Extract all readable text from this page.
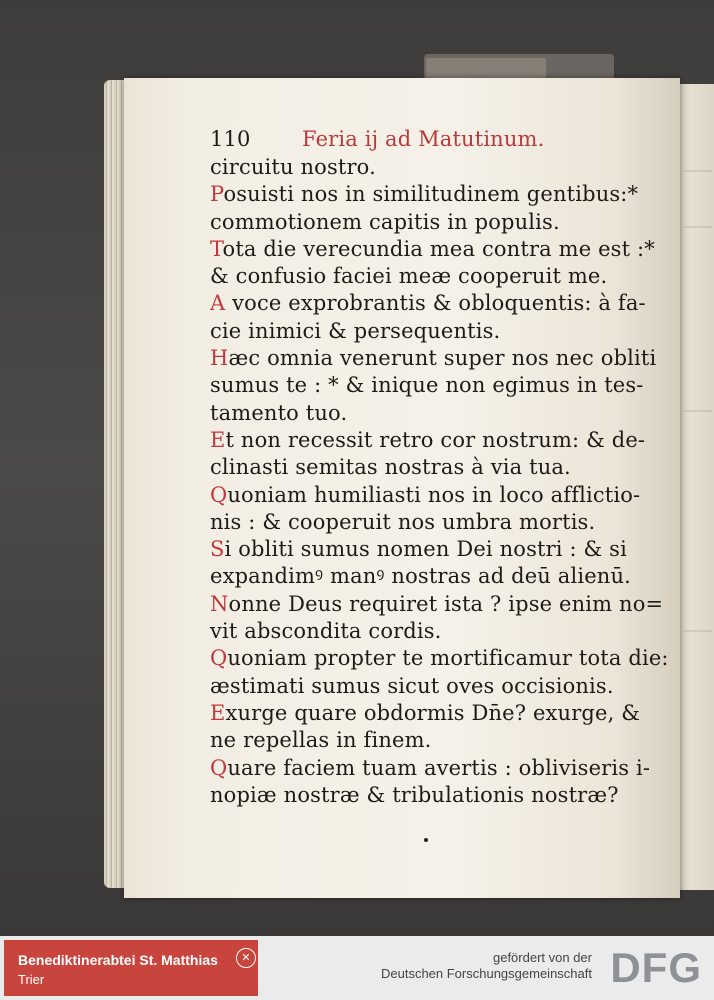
110 Feria ij ad Matutinum.
circuitu nostro.
Posuisti nos in similitudinem gentibus:*
commotionem capitis in populis.
Tota die verecundia mea contra me est :*
& confusio faciei meæ cooperuit me.
A voce exprobrantis & obloquentis: à fa-
cie inimici & persequentis.
Hæc omnia venerunt super nos nec obliti
sumus te : * & inique non egimus in tes-
tamento tuo.
Et non recessit retro cor nostrum: & de-
clinasti semitas nostras à via tua.
Quoniam humiliasti nos in loco afflictio-
nis : & cooperuit nos umbra mortis.
Si obliti sumus nomen Dei nostri : & si
expandimꝰ manꝰ nostras ad deū alienū.
Nonne Deus requiret ista ? ipse enim no=
vit abscondita cordis.
Quoniam propter te mortificamur tota die:
æstimati sumus sicut oves occisionis.
Exurge quare obdormis Dn̄e? exurge, &
ne repellas in finem.
Quare faciem tuam avertis : obliviseris i-
nopiæ nostræ & tribulationis nostræ?
Benediktinerabtei St. Matthias
Trier
✕	gefördert von der
Deutschen Forschungsgemeinschaft DFG
